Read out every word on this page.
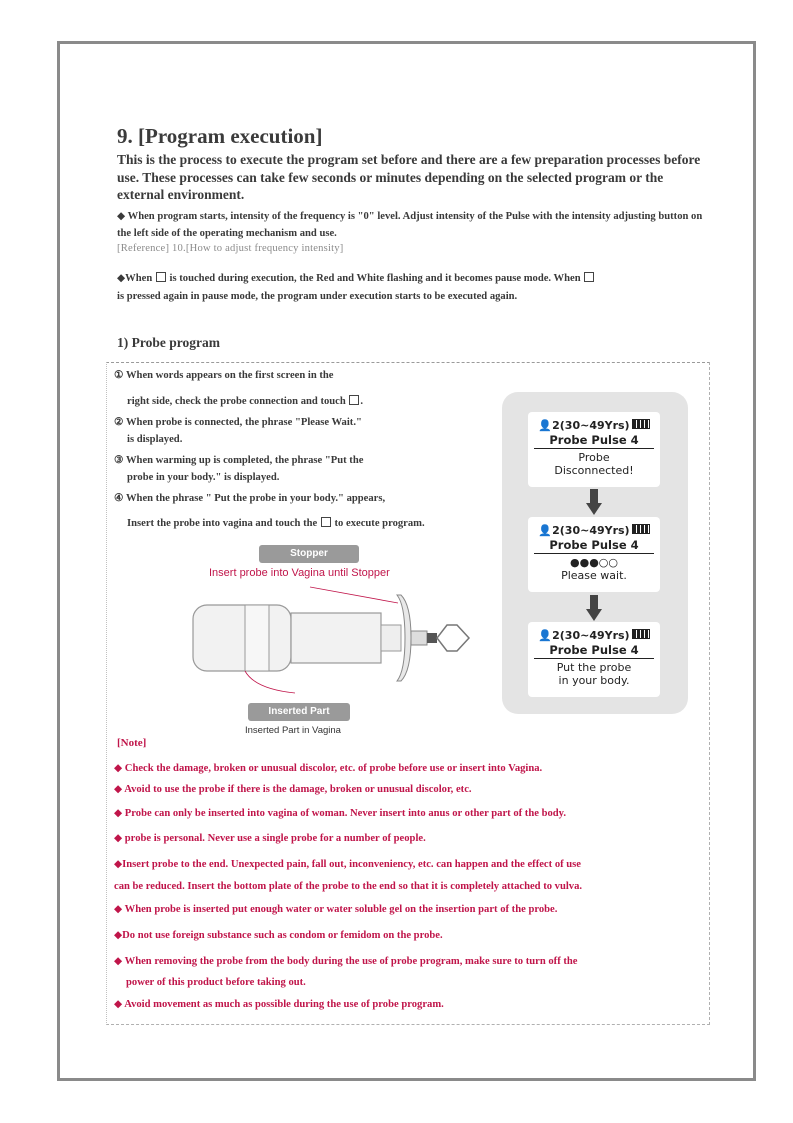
9. [Program execution]
This is the process to execute the program set before and there are a few preparation processes before use. These processes can take few seconds or minutes depending on the selected program or the external environment.
◆ When program starts, intensity of the frequency is "0" level. Adjust intensity of the Pulse with the intensity adjusting button on the left side of the operating mechanism and use.
[Reference] 10.[How to adjust frequency intensity]
◆When is touched during execution, the Red and White flashing and it becomes pause mode. When
is pressed again in pause mode, the program under execution starts to be executed again.
1) Probe program
① When words appears on the first screen in the
right side, check the probe connection and touch .
② When probe is connected, the phrase "Please Wait."
is displayed.
③ When warming up is completed, the phrase "Put the
probe in your body." is displayed.
④ When the phrase " Put the probe in your body." appears,
Insert the probe into vagina and touch the to execute program.
Stopper
Insert probe into Vagina until Stopper
Inserted Part
Inserted Part in Vagina
👤2(30~49Yrs)
Probe Pulse 4
Probe
Disconnected!
👤2(30~49Yrs)
Probe Pulse 4
●●●○○
Please wait.
👤2(30~49Yrs)
Probe Pulse 4
Put the probe
in your body.
[Note]
◆ Check the damage, broken or unusual discolor, etc. of probe before use or insert into Vagina.
◆ Avoid to use the probe if there is the damage, broken or unusual discolor, etc.
◆ Probe can only be inserted into vagina of woman. Never insert into anus or other part of the body.
◆ probe is personal. Never use a single probe for a number of people.
◆Insert probe to the end. Unexpected pain, fall out, inconveniency, etc. can happen and the effect of use
can be reduced. Insert the bottom plate of the probe to the end so that it is completely attached to vulva.
◆ When probe is inserted put enough water or water soluble gel on the insertion part of the probe.
◆Do not use foreign substance such as condom or femidom on the probe.
◆ When removing the probe from the body during the use of probe program, make sure to turn off the
power of this product before taking out.
◆ Avoid movement as much as possible during the use of probe program.
